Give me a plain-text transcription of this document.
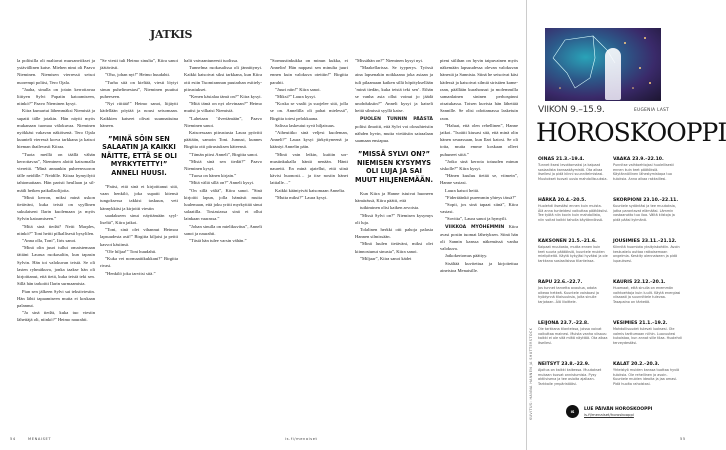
JATKIS

la poliisilla oli maltavat mursanviikset ja ystävällinen katse. Miehen nimi oli Paavo Nieminen. Niemisen vierressä seisoi nuorempi poliisi, Tero Ojala.

”Jaaha, sinulla on jotain kerrottavaa liittyen Sylvi Papatin katoamiseen, niinkö?” Paavo Nieminen kysyi.

Kiira kumartui lähemmäksi Niemistä ja supatti tälle jotakin. Hän näytti myös mukanaan tuomaa välokuvaa. Nieminen nyökkäsi vakavan näköisenä. Tero Ojala kuunteli vieressä korva tarkkana ja katsoi hieman ihailevasti Kiiraa.

”Tuota meillä on täällä vähän kerrottavaa”, Nieminen aloitti katsomalla viereitä. ”Minä annankin puheenvuoron tälle neidille.” Neidille. Kiiraa hymyilytti tahtomattaan. Hän paristi heullaan ja silmäili hetken paikallaolijoita.

”Minä kerron, miksi minä uskon tietäväni, kuka teistä on syyllinen sukulaiseni Ilarin kuolemaan ja myös Sylvin katoamiseen.”

”Mitä sinä tiedät? Neiti Marples, niinkö?” Toni heitti pilkallisesti bysylilen.

”Anna olla, Toni”, Iiris sanoi.

”Minä olin juuri tullut omaistemaan tätiäni Laurua ruokasaliin, kun tapasin Sylvin. Hän toi valokuvan teistä. Se oli lasten ryhmäkuva, jonka taakse hän oli kirjoittanut, että tietä, kuka teistä teki sen. Sillä hän tarkoitti Ilarin surmaamista.

Pian sen jälkeen Sylvi sai tekstiviestin. Hän lähti tapaamiseen mutta ei koskaan palannut.

”Ja sinä tiedät, kuka tuo viestin lähettäjä oli, niinkö?” Heimo naurahti.

”Se viesti tuli Heimo sinulta”, Kiira sanoi jäätävästi.

”Oho, johan nyt!” Heimo huudahti.

”Turha sitä on kieltää, viesti löytyi sinun puhelimestasi”, Nieminen puuttui puheeseen.

”Nyt riittää!” Heimo sanoi, liijäytti kädellään pöytää ja nousi seisomaan. Kaikkien katseet olivat suunnattuina häneen.

”MINÄ SÖIN SEN SALAATIN JA KAIKKI NÄITTE, ETTÄ SE OLI MYRKYTETTY!” ANNELI HUUSI.

”Paitsi, että sinä et kirjoittanut sitä, vaan henkilö, joka supatti kitensä tungoksessa takkisi taskuun, veti kännykkäsi ja kirjoitti viestin

saadakseen sinut näyttämään syylliseltä”, Kiira jatkoi.

”Toni, sinä olet vihannut Heimoa lapsuudesta asti!” Birgitta kiljaisi ja peitti kasvot käsiinsä.

”Ole hiljaa!” Toni huudahti.

”Kuka vei normaattikukkani?” Birgitta rivasi.

”Henkilö joka tarvitsi sitä.”

halit vaivaantuneesti tuolissa.

Tunnelma ruokasalissa oli jännittynyt. Kaikki katsoivat siksi tarkkana, kun Kiira otti esiin Tuomirannan puutarhan esittelypiirustukset.

”Kenen käsialaa tämä on?” Kiira kysyi.

”Mitä tämä on nyt olevinaan?” Heimo mutisi ja vilkaisi Niemistä.

”Lahetaan ’ilveriämään”, Paavo Nieminen sanoi.

Katsoessaan piirustusta Laura pyöritti päätään, samoin Toni. Jumust, kunnes Birgitta otti piirustuksen käteensä.

”Tämän piirsi Anneli”, Birgitta sanoi.

”Mistä sinä sen tiedät?” Paavo Nieminen kysyi.

”Tuosa on hänen kirjain.”

”Mitä väliä sillä on?” Anneli kysyi.

”On sillä väliä”, Kiira sanoi. ”Sinä kirjoitit lapun, jolla hämäsit muita luulemaan, että joku yritti myrkyttää sinut salaatilla. Tosiasiassa sinä et ollut lainkaan vaarassa.”

”Johan sinulla on mielikuvitus”, Anneli sanoi ja naurahti.

”Tästä hän tulee varsin vähän.”

”Sormustinkukka on minun kukka, ei Annelin! Hän nappasi sen minulta juuri ennen kuin valokuva otettiin!” Birgitta parahti.

”Juuri niin!” Kiira sanoi.

”Miksi?” Laura kysyi.

”Koska se vaalii ja suojelee sitä, jolla se on. Annelilla oli pahat mielessä”, Birgitta totesi pelokkaana.

Salissa laskeutui syvä hiljaisuus.

”Aiheutitko sinä veljesi kuoleman, Anneli?” Laura kysyi järkyttyneenä ja kääntyi Annelin päin.

”Minä vain leikin, kuitiin sormustinkukalla häntä nenään. Hänti nauretti. En minä ajatellut, että siinä kävisi huonosti… ja itse nostin hänet lattialle…”

Kaikki kääntyivät katsomaan Annelia.

”Mutta miksi?” Laura kysyi.

”Missähän on?” Nieminen kysyi nyt.

”Maakellarissa. Se tyyperys. Työssä aina lapsenakin noikkaana joka asiaan ja tuli pilaamaan kaiken sillä höpötyksellään ’minä tiedän, kuka teistä teki sen’. Eihän se vanha asia ollut voinut jo jäädä unohduksiin?” Anneli kysyi ja katseli heitä silmissä syyllä katse.

PUOLEN TUNNIN PÄÄSTÄ poliisi ilmoitti, että Sylvi voi olosuhteisiin nähden hyvin, mutta vietäisiin sairaalaan saamaan ensiapua.

”MISSÄ SYLVI ON?” NIEMISEN KYSYMYS OLI LUJA JA SAI MUUT HILJENEMÄÄN.

Kun Kiira ja Hanne istuivat huoneen hämärässä, Kiira päätti, että

tutkiminen olisi kaiken arvoista.

”Missä Sylvi on?” Niemisen kysymys oli luja.

Tolalinen herkki otti pahoja palasia Hannen silmissään.

”Minä luulen tietäväni, miksi olet kiinnostunut sinusta”, Kiira sanoi.

”Miljaar”, Kiira sanoi kädet

pieni siilihan on hyvin taipuvainen myös näkemään lapsuudessa olevan valokuvan hänestä ja Sannista. Siinä he seisoivat käsi kädessä ja katsoivat silmiä siristäen kameraan, päällään kurahousut ja molemmilla samanlainen sininen perhospinni otsatukassa. Toisen kuvista hän lähettää Sannille. Se olisi odottamassa lasketuin raon.

”Haluat, että olen rehellinen”, Hanne jatkoi. ”Isoäiti kiusasi sitä, että minä olin hänen seurassaan, kun Ilari katosi. Se oli totta, mutta emme koskaan olleet puhuneet siitä.”

”Jotko sinä kerrota totuuden minun siskolle?” Kiira kysyi.

”Hänen kuuluu tietää se, viimein”, Hanne vastasi.

Laura katsoi heitä.

”Fidertäänkö puremmin yhteys tässä?”

”Sopii, jos sinä tapaat siinä”, Kiira vastasi.

”Sovitta”, Laura sanoi ja hymyili.

VIIKKOA MYÖHEMMIN Kiira avasi postin tuomat lähetyksen. Siinä hän oli Sannin kanssa näkemässä vanha valokuva.

Jatkokertomus päättyy.

Sisältää kuvitettua ja kirjoitettua aineistoa Menaisille.

VIIKON 9.–15.9.	EUGENIA LAST
HOROSKOOPPI
OINAS 21.3.–19.4.

Tunnet itsesi levottomaksi ja kaipaat sosiaalista kanssakäymistä. Ota aikaa itsellesi ja pidä kiinni suunnitelmistasi. Muutokset tuovat uusia mahdollisuuksia.

HÄRKÄ 20.4.–20.5.

Huolehdi itsestäsi ennen kuin muista. Älä anna tunteidesi vaikuttaa päätöksiisi. Tee työtä niin kovin kuin mahdollista, niin voitat kaikki taholla käytännöissä.

KAKSONEN 21.5.–21.6.

Kaipaat muutosta, mutta ennen kuin teet suuria päätöksiä, kuuntele muiden mielipiteitä. Käytä kykyjäsi hyväksi ja ole tarkkana sosiaalisissa tilanteissa.

RAPU 22.6.–22.7.

Jos tunnet tarvetta avautua, odota oikeaa hetkeä. Kuuntele vaistoasi ja hyödynnä tilaisuuksia, joita sinulle tarjotaan. Älä liioittele.

LEIJONA 23.7.–22.8.

Ole tarkkana tilanteissa, joissa voivat vaikuttaa mainesi. Muista vanha viisaus: kaikki ei ole sitä miltä näyttää. Ota aikaa itsellesi.

NEITSYT 23.8.–22.9.

Ajoitus on kaikki kaikessa. Muutokset mukaan tuovat onnistumisia. Pysy aktiivisena ja tee asioita ajallaan. Tarkkaile ympäristöäsi.

VAAKA 23.9.–22.10.

Punnitse vaihtoehtojasi huolellisesti ennen kuin teet päätöksiä. Käytännöllinen lähestymistapa tuo tuloksia. Anna aikaa rakkaillesi.

SKORPIONI 23.10.–22.11.

Kuuntele sydäntäsi ja tee muutoksia, jotka parantavat elämääsi. Lämmin vastaanotto tuo iloa. Vältä kiistoja ja pidä pääsi kylmänä.

JOUSIMIES 23.11.–21.12.

Kiinnitä huomiota yksityiskohtiin. Avoin keskustelu auttaa ratkaisemaan ongelmia. Keskity olennaiseen ja pidä lupauksesi.

KAURIS 22.12.–20.1.

Huomaat, että sinulla on enemmän vaihtoehtoja kuin luulit. Käytä energiasi viisaasti ja suunnittele tulevaa. Tasapaino on tärkeää.

VESIMIES 21.1.–19.2.

Mahdollisuudet tulevat luoksesi. Ole valmis tarttumaan niihin. Luovuutesi kukoistaa, kun annat sille tilaa. Huolehdi terveydestäsi.

KALAT 20.2.–20.3.

Yhteistyö muiden kanssa tuottaa hyviä tuloksia. Ole rehellinen ja avoin. Kuuntele muiden ideoita ja jaa omasi. Pidä huolta rahoistasi.

KUVITUS: HANNA HANNEN JA SHUTTERSTOCK	IS	LUE PÄIVÄN HOROSKOOPPI
is.fi/menaiset/horoskooppi
54	MENAISET	is.fi/menaiset	55
